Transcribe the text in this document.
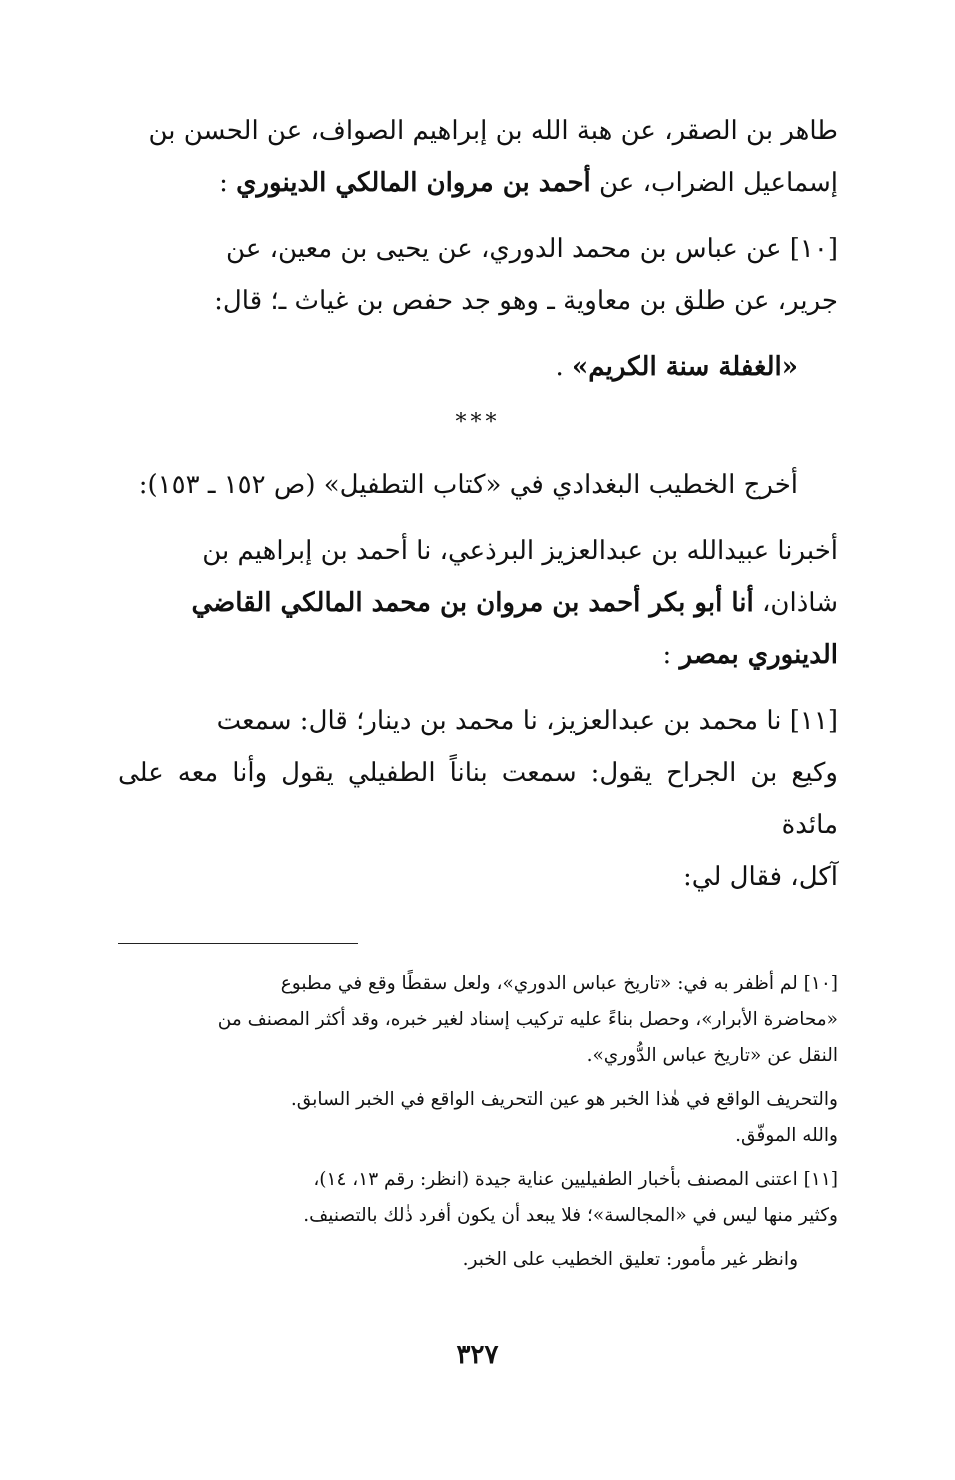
طاهر بن الصقر، عن هبة الله بن إبراهيم الصواف، عن الحسن بن
إسماعيل الضراب، عن أحمد بن مروان المالكي الدينوري :

[١٠] عن عباس بن محمد الدوري، عن يحيى بن معين، عن
جرير، عن طلق بن معاوية ـ وهو جد حفص بن غياث ـ؛ قال:

«الغفلة سنة الكريم» .

***

أخرج الخطيب البغدادي في «كتاب التطفيل» (ص ١٥٢ ـ ١٥٣):

أخبرنا عبيدالله بن عبدالعزيز البرذعي، نا أحمد بن إبراهيم بن
شاذان، أنا أبو بكر أحمد بن مروان بن محمد المالكي القاضي
الدينوري بمصر :

[١١] نا محمد بن عبدالعزيز، نا محمد بن دينار؛ قال: سمعت
وكيع بن الجراح يقول: سمعت بناناً الطفيلي يقول وأنا معه على مائدة
آكل، فقال لي:

[١٠] لم أظفر به في: «تاريخ عباس الدوري»، ولعل سقطًا وقع في مطبوع
«محاضرة الأبرار»، وحصل بناءً عليه تركيب إسناد لغير خبره، وقد أكثر المصنف من
النقل عن «تاريخ عباس الدُّوري».

والتحريف الواقع في هٰذا الخبر هو عين التحريف الواقع في الخبر السابق.
والله الموفّق.

[١١] اعتنى المصنف بأخبار الطفيليين عناية جيدة (انظر: رقم ١٣، ١٤)،
وكثير منها ليس في «المجالسة»؛ فلا يبعد أن يكون أفرد ذٰلك بالتصنيف.

وانظر غير مأمور: تعليق الخطيب على الخبر.

٣٢٧
